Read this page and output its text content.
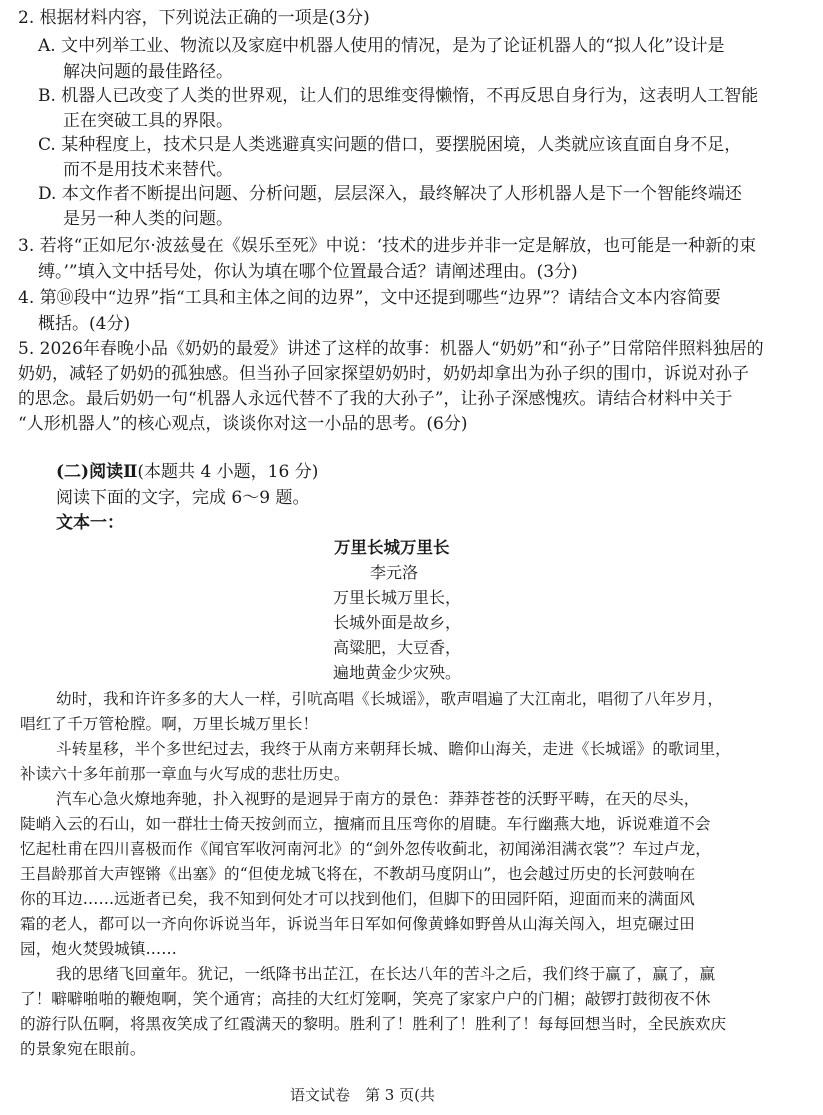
2. 根据材料内容，下列说法正确的一项是(3分)
A. 文中列举工业、物流以及家庭中机器人使用的情况，是为了论证机器人的“拟人化”设计是
解决问题的最佳路径。
B. 机器人已改变了人类的世界观，让人们的思维变得懒惰，不再反思自身行为，这表明人工智能
正在突破工具的界限。
C. 某种程度上，技术只是人类逃避真实问题的借口，要摆脱困境，人类就应该直面自身不足，
而不是用技术来替代。
D. 本文作者不断提出问题、分析问题，层层深入，最终解决了人形机器人是下一个智能终端还
是另一种人类的问题。
3. 若将“正如尼尔·波兹曼在《娱乐至死》中说：‘技术的进步并非一定是解放，也可能是一种新的束
缚。’”填入文中括号处，你认为填在哪个位置最合适？请阐述理由。(3分)
4. 第⑩段中“边界”指“工具和主体之间的边界”，文中还提到哪些“边界”？请结合文本内容简要
概括。(4分)
5. 2026年春晚小品《奶奶的最爱》讲述了这样的故事：机器人“奶奶”和“孙子”日常陪伴照料独居的
奶奶，减轻了奶奶的孤独感。但当孙子回家探望奶奶时，奶奶却拿出为孙子织的围巾，诉说对孙子
的思念。最后奶奶一句“机器人永远代替不了我的大孙子”，让孙子深感愧疚。请结合材料中关于
“人形机器人”的核心观点，谈谈你对这一小品的思考。(6分)
(二)阅读Ⅱ(本题共 4 小题，16 分)
阅读下面的文字，完成 6～9 题。
文本一：
万里长城万里长
李元洛
万里长城万里长，
长城外面是故乡，
高粱肥，大豆香，
遍地黄金少灾殃。
幼时，我和许许多多的大人一样，引吭高唱《长城谣》，歌声唱遍了大江南北，唱彻了八年岁月，
唱红了千万管枪膛。啊，万里长城万里长！
斗转星移，半个多世纪过去，我终于从南方来朝拜长城、瞻仰山海关，走进《长城谣》的歌词里，
补读六十多年前那一章血与火写成的悲壮历史。
汽车心急火燎地奔驰，扑入视野的是迥异于南方的景色：莽莽苍苍的沃野平畴，在天的尽头，
陡峭入云的石山，如一群壮士倚天按剑而立，擅痛而且压弯你的眉睫。车行幽燕大地，诉说难道不会
忆起杜甫在四川喜极而作《闻官军收河南河北》的“剑外忽传收蓟北，初闻涕泪满衣裳”？车过卢龙，
王昌龄那首大声铿锵《出塞》的“但使龙城飞将在，不教胡马度阴山”，也会越过历史的长河鼓响在
你的耳边……远逝者已矣，我不知到何处才可以找到他们，但脚下的田园阡陌，迎面而来的满面风
霜的老人，都可以一齐向你诉说当年，诉说当年日军如何像黄蜂如野兽从山海关闯入，坦克碾过田
园，炮火焚毁城镇……
我的思绪飞回童年。犹记，一纸降书出芷江，在长达八年的苦斗之后，我们终于赢了，赢了，赢
了！噼噼啪啪的鞭炮啊，笑个通宵；高挂的大红灯笼啊，笑亮了家家户户的门楣；敲锣打鼓彻夜不休
的游行队伍啊，将黑夜笑成了红霞满天的黎明。胜利了！胜利了！胜利了！每每回想当时，全民族欢庆
的景象宛在眼前。
语文试卷　第 3 页(共
